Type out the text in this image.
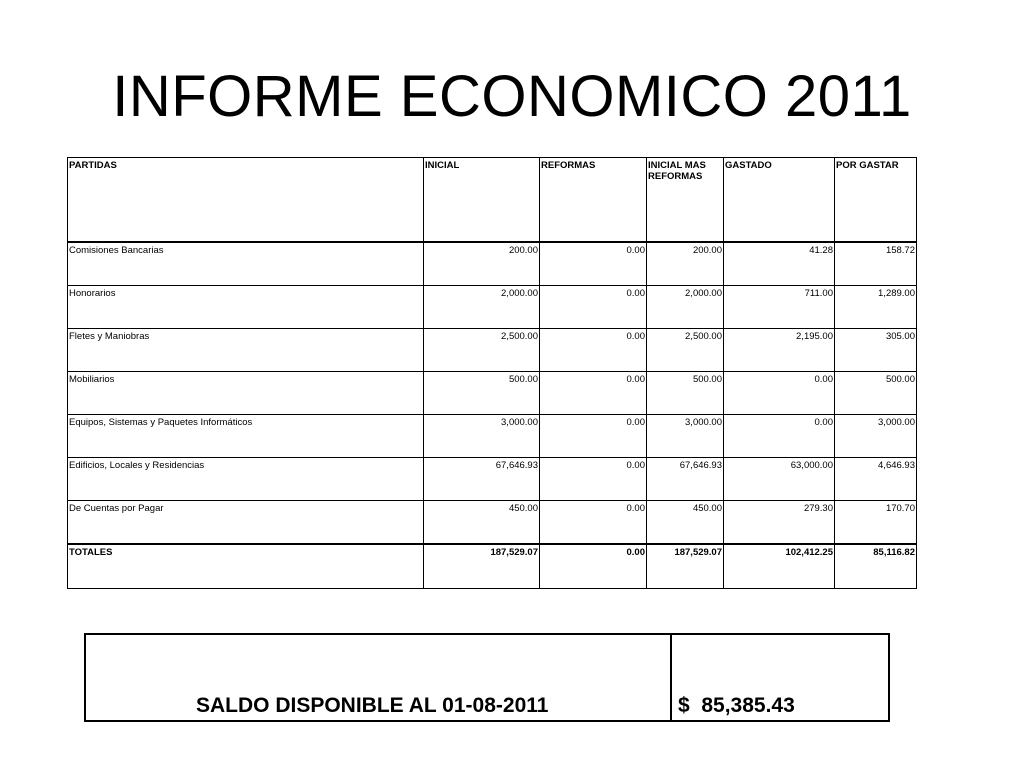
INFORME ECONOMICO 2011
PARTIDAS	INICIAL	REFORMAS	INICIAL MAS REFORMAS	GASTADO	POR GASTAR
Comisiones Bancarias	200.00	0.00	200.00	41.28	158.72
Honorarios	2,000.00	0.00	2,000.00	711.00	1,289.00
Fletes y Maniobras	2,500.00	0.00	2,500.00	2,195.00	305.00
Mobiliarios	500.00	0.00	500.00	0.00	500.00
Equipos, Sistemas y Paquetes Informáticos	3,000.00	0.00	3,000.00	0.00	3,000.00
Edificios, Locales y Residencias	67,646.93	0.00	67,646.93	63,000.00	4,646.93
De Cuentas por Pagar	450.00	0.00	450.00	279.30	170.70
TOTALES	187,529.07	0.00	187,529.07	102,412.25	85,116.82
SALDO DISPONIBLE AL 01-08-2011	$  85,385.43
